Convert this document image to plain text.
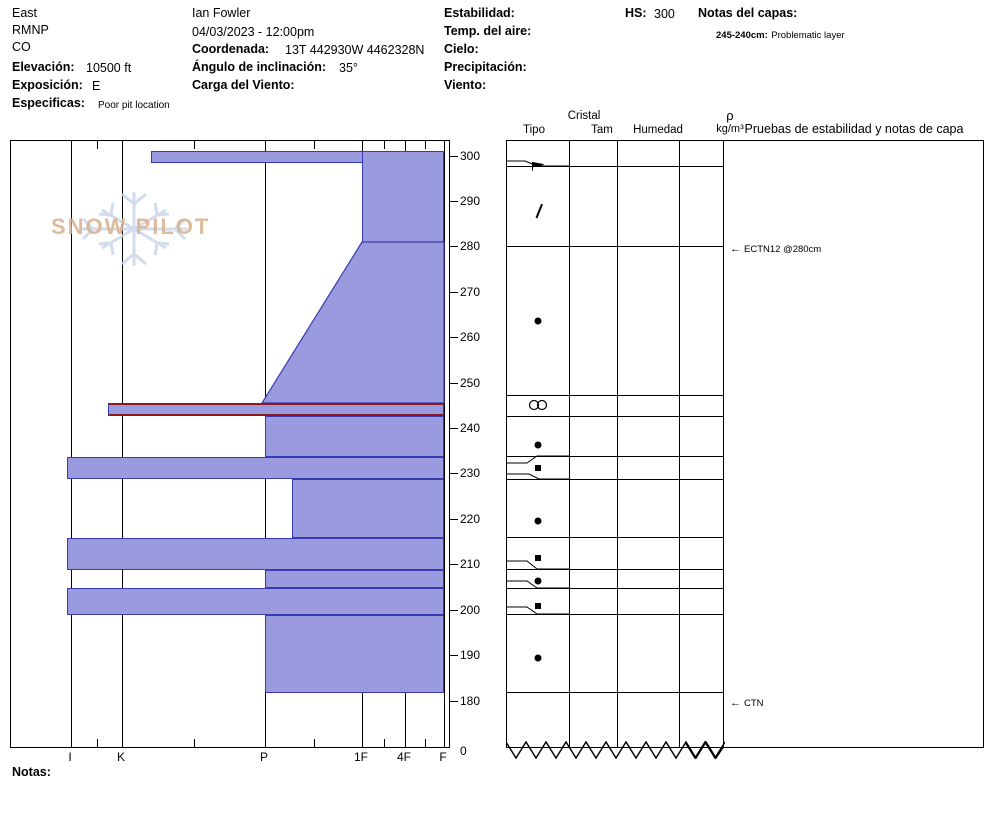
East
RMNP
CO
Elevación: 10500 ft
Exposición: E
Especificas: Poor pit location
Ian Fowler
04/03/2023 - 12:00pm
Coordenada: 13T 442930W 4462328N
Ángulo de inclinación: 35°
Carga del Viento:
Estabilidad:
Temp. del aire:
Cielo:
Precipitación:
Viento:
HS: 300 Notas del capas:
245-240cm: Problematic layer
SNOW PILOT
I	K	P	1F 4F F
300
290
280
270
260
250
240
230
220
210
200
190
180
0
Cristal
Tipo	Tam Humedad
ρ
kg/m³ Pruebas de estabilidad y notas de capa
← ECTN12 @280cm
← CTN
Notas:
